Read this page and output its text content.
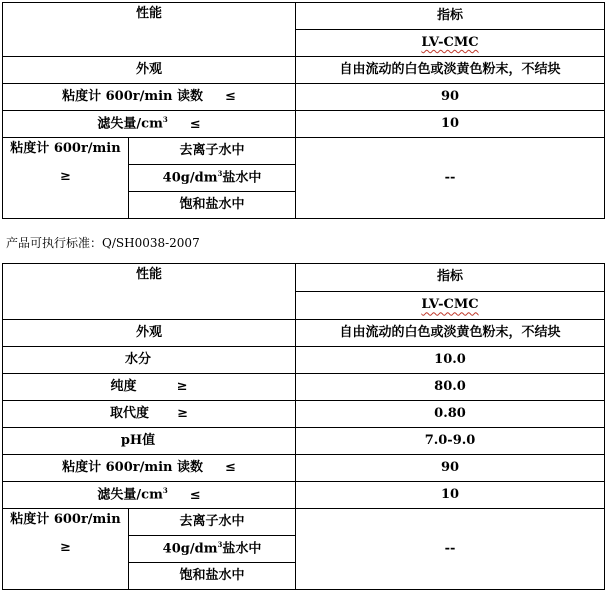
性能		指标
		LV-CMC
外观		自由流动的白色或淡黄色粉末，不结块
粘度计 600r/min 读数 ≤		90
滤失量$/cm^3$ ≤		10

粘度计 600r/min
≥	去离子水中	--
	$40g/dm^3$盐水中	
	饱和盐水中	
产品可执行标准：Q/SH0038-2007
性能		指标
		LV-CMC
外观		自由流动的白色或淡黄色粉末，不结块
水分		10.0
纯度 ≥		80.0
取代度 ≥		0.80
pH值		7.0-9.0
粘度计 600r/min 读数 ≤		90
滤失量$/cm^3$ ≤		10

粘度计 600r/min
≥	去离子水中	--
	$40g/dm^3$盐水中	
	饱和盐水中	
